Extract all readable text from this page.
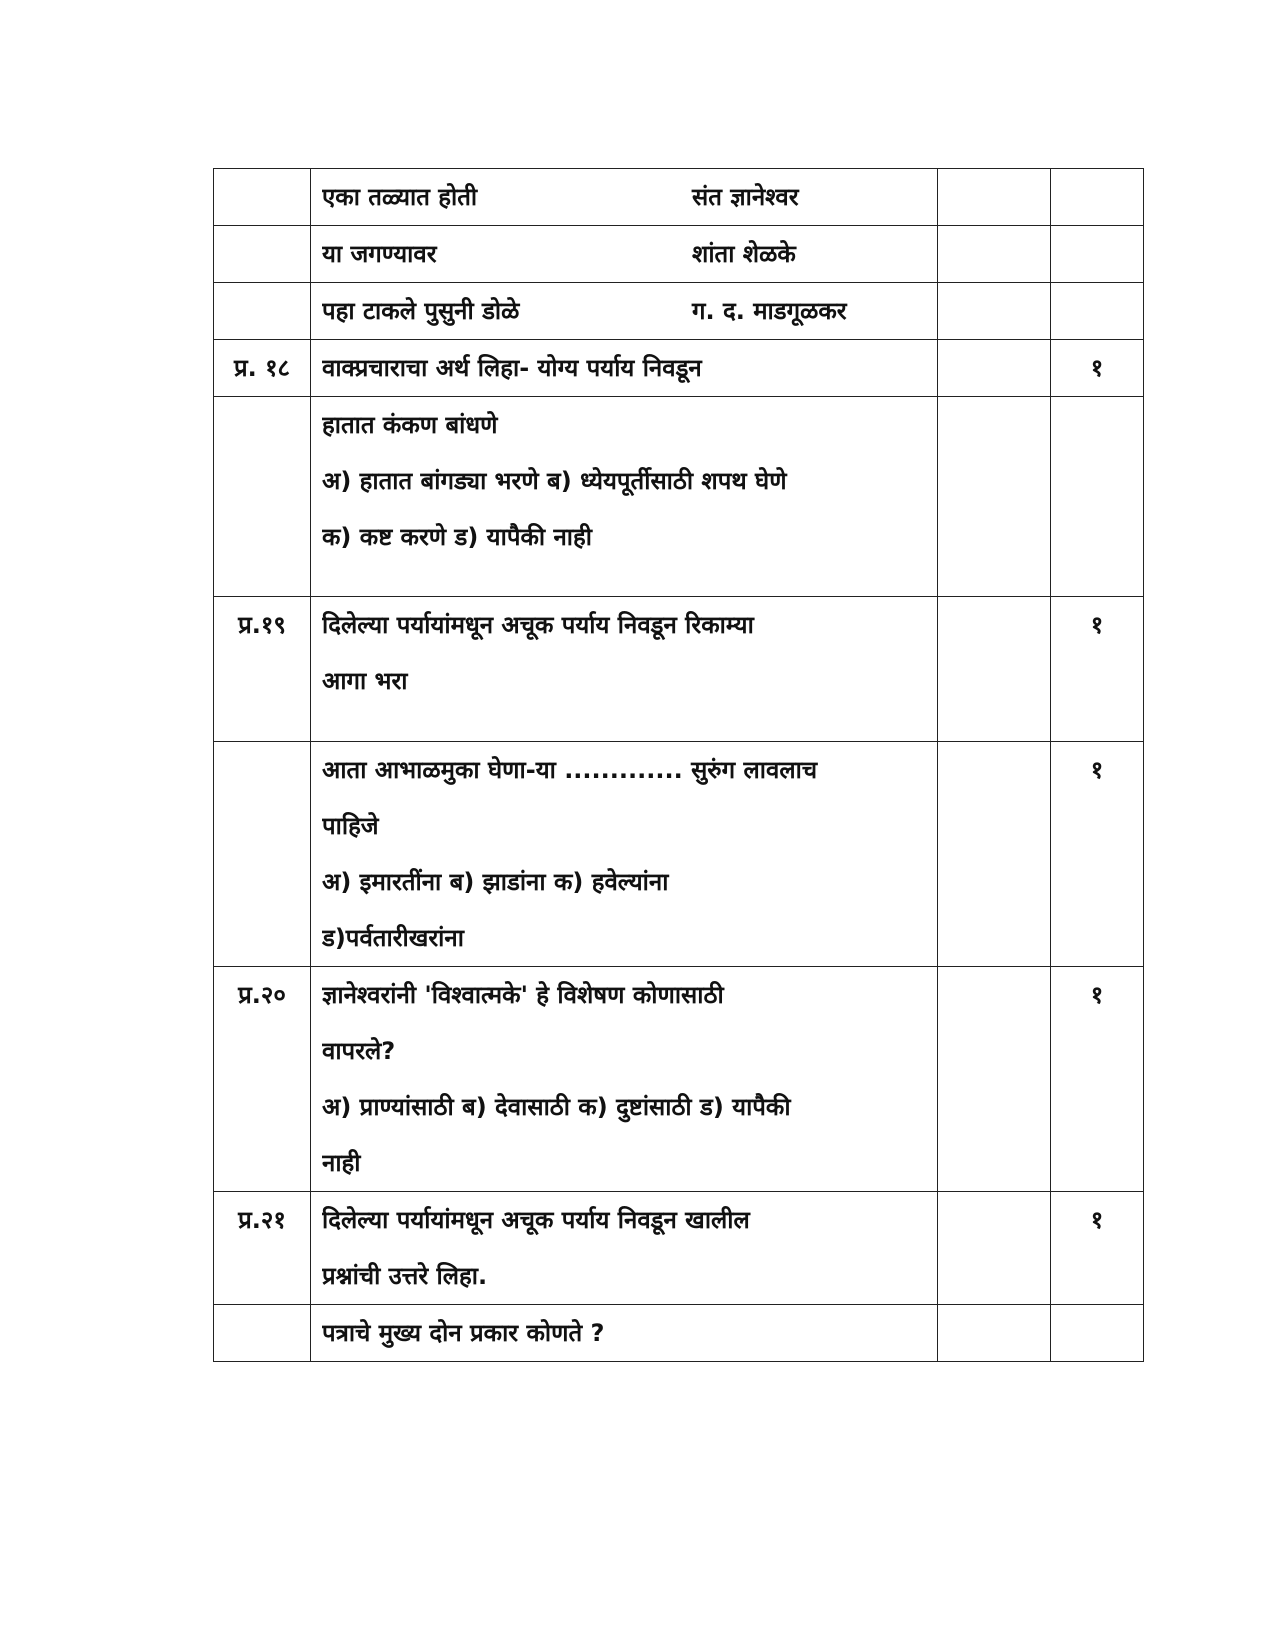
	एका तळ्यात होती संत ज्ञानेश्वर		

	या जगण्यावर शांता शेळके		

	पहा टाकले पुसुनी डोळे ग. द. माडगूळकर		

प्र. १८	वाक्प्रचाराचा अर्थ लिहा- योग्य पर्याय निवडून		१

	हातात कंकण बांधणे
अ) हातात बांगड्या भरणे ब) ध्येयपूर्तीसाठी शपथ घेणे
क) कष्ट करणे ड) यापैकी नाही		

प्र.१९	दिलेल्या पर्यायांमधून अचूक पर्याय निवडून रिकाम्या
आगा भरा		१

	आता आभाळमुका घेणा-या ............. सुरुंग लावलाच
पाहिजे
अ) इमारतींना ब) झाडांना क) हवेल्यांना
ड)पर्वतारीखरांना		१
प्र.२०	ज्ञानेश्वरांनी 'विश्वात्मके' हे विशेषण कोणासाठी
वापरले?
अ) प्राण्यांसाठी ब) देवासाठी क) दुष्टांसाठी ड) यापैकी
नाही		१
प्र.२१	दिलेल्या पर्यायांमधून अचूक पर्याय निवडून खालील
प्रश्नांची उत्तरे लिहा.		१

	पत्राचे मुख्य दोन प्रकार कोणते ?		
